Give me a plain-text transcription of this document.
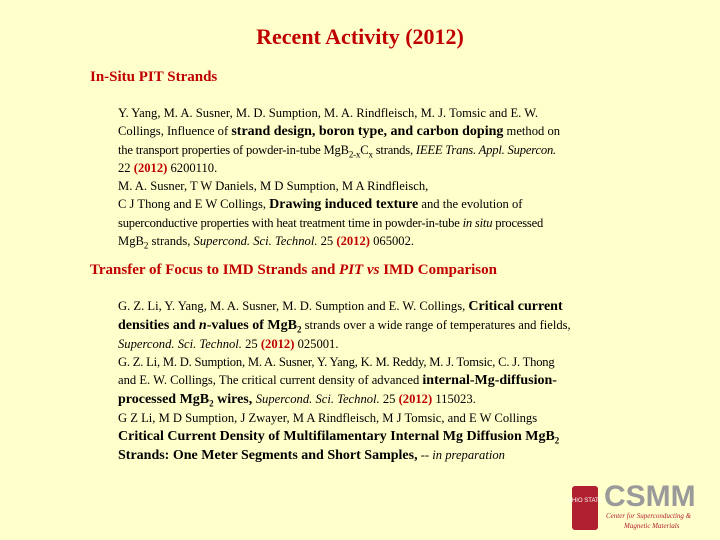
Recent Activity (2012)
In-Situ PIT Strands
Y. Yang, M. A. Susner, M. D. Sumption, M. A. Rindfleisch, M. J. Tomsic and E. W.
Collings, Influence of strand design, boron type, and carbon doping method on
the transport properties of powder-in-tube $MgB_{2-x}C_x$ strands, IEEE Trans. Appl. Supercon.
22 (2012) 6200110.
M. A. Susner, T W Daniels, M D Sumption, M A Rindfleisch,
C J Thong and E W Collings, Drawing induced texture and the evolution of
superconductive properties with heat treatment time in powder-in-tube in situ processed
MgB$_2$ strands, Supercond. Sci. Technol. 25 (2012) 065002.
Transfer of Focus to IMD Strands and PIT vs IMD Comparison
G. Z. Li, Y. Yang, M. A. Susner, M. D. Sumption and E. W. Collings, Critical current
densities and n-values of MgB$_2$ strands over a wide range of temperatures and fields,
Supercond. Sci. Technol. 25 (2012) 025001.
G. Z. Li, M. D. Sumption, M. A. Susner, Y. Yang, K. M. Reddy, M. J. Tomsic, C. J. Thong
and E. W. Collings, The critical current density of advanced internal-Mg-diffusion-
processed MgB$_2$ wires, Supercond. Sci. Technol. 25 (2012) 115023.
G Z Li, M D Sumption, J Zwayer, M A Rindfleisch, M J Tomsic, and E W Collings
Critical Current Density of Multifilamentary Internal Mg Diffusion MgB$_2$
Strands: One Meter Segments and Short Samples, -- in preparation
OHIO STATE CSMM
Center for Superconducting &
Magnetic Materials
